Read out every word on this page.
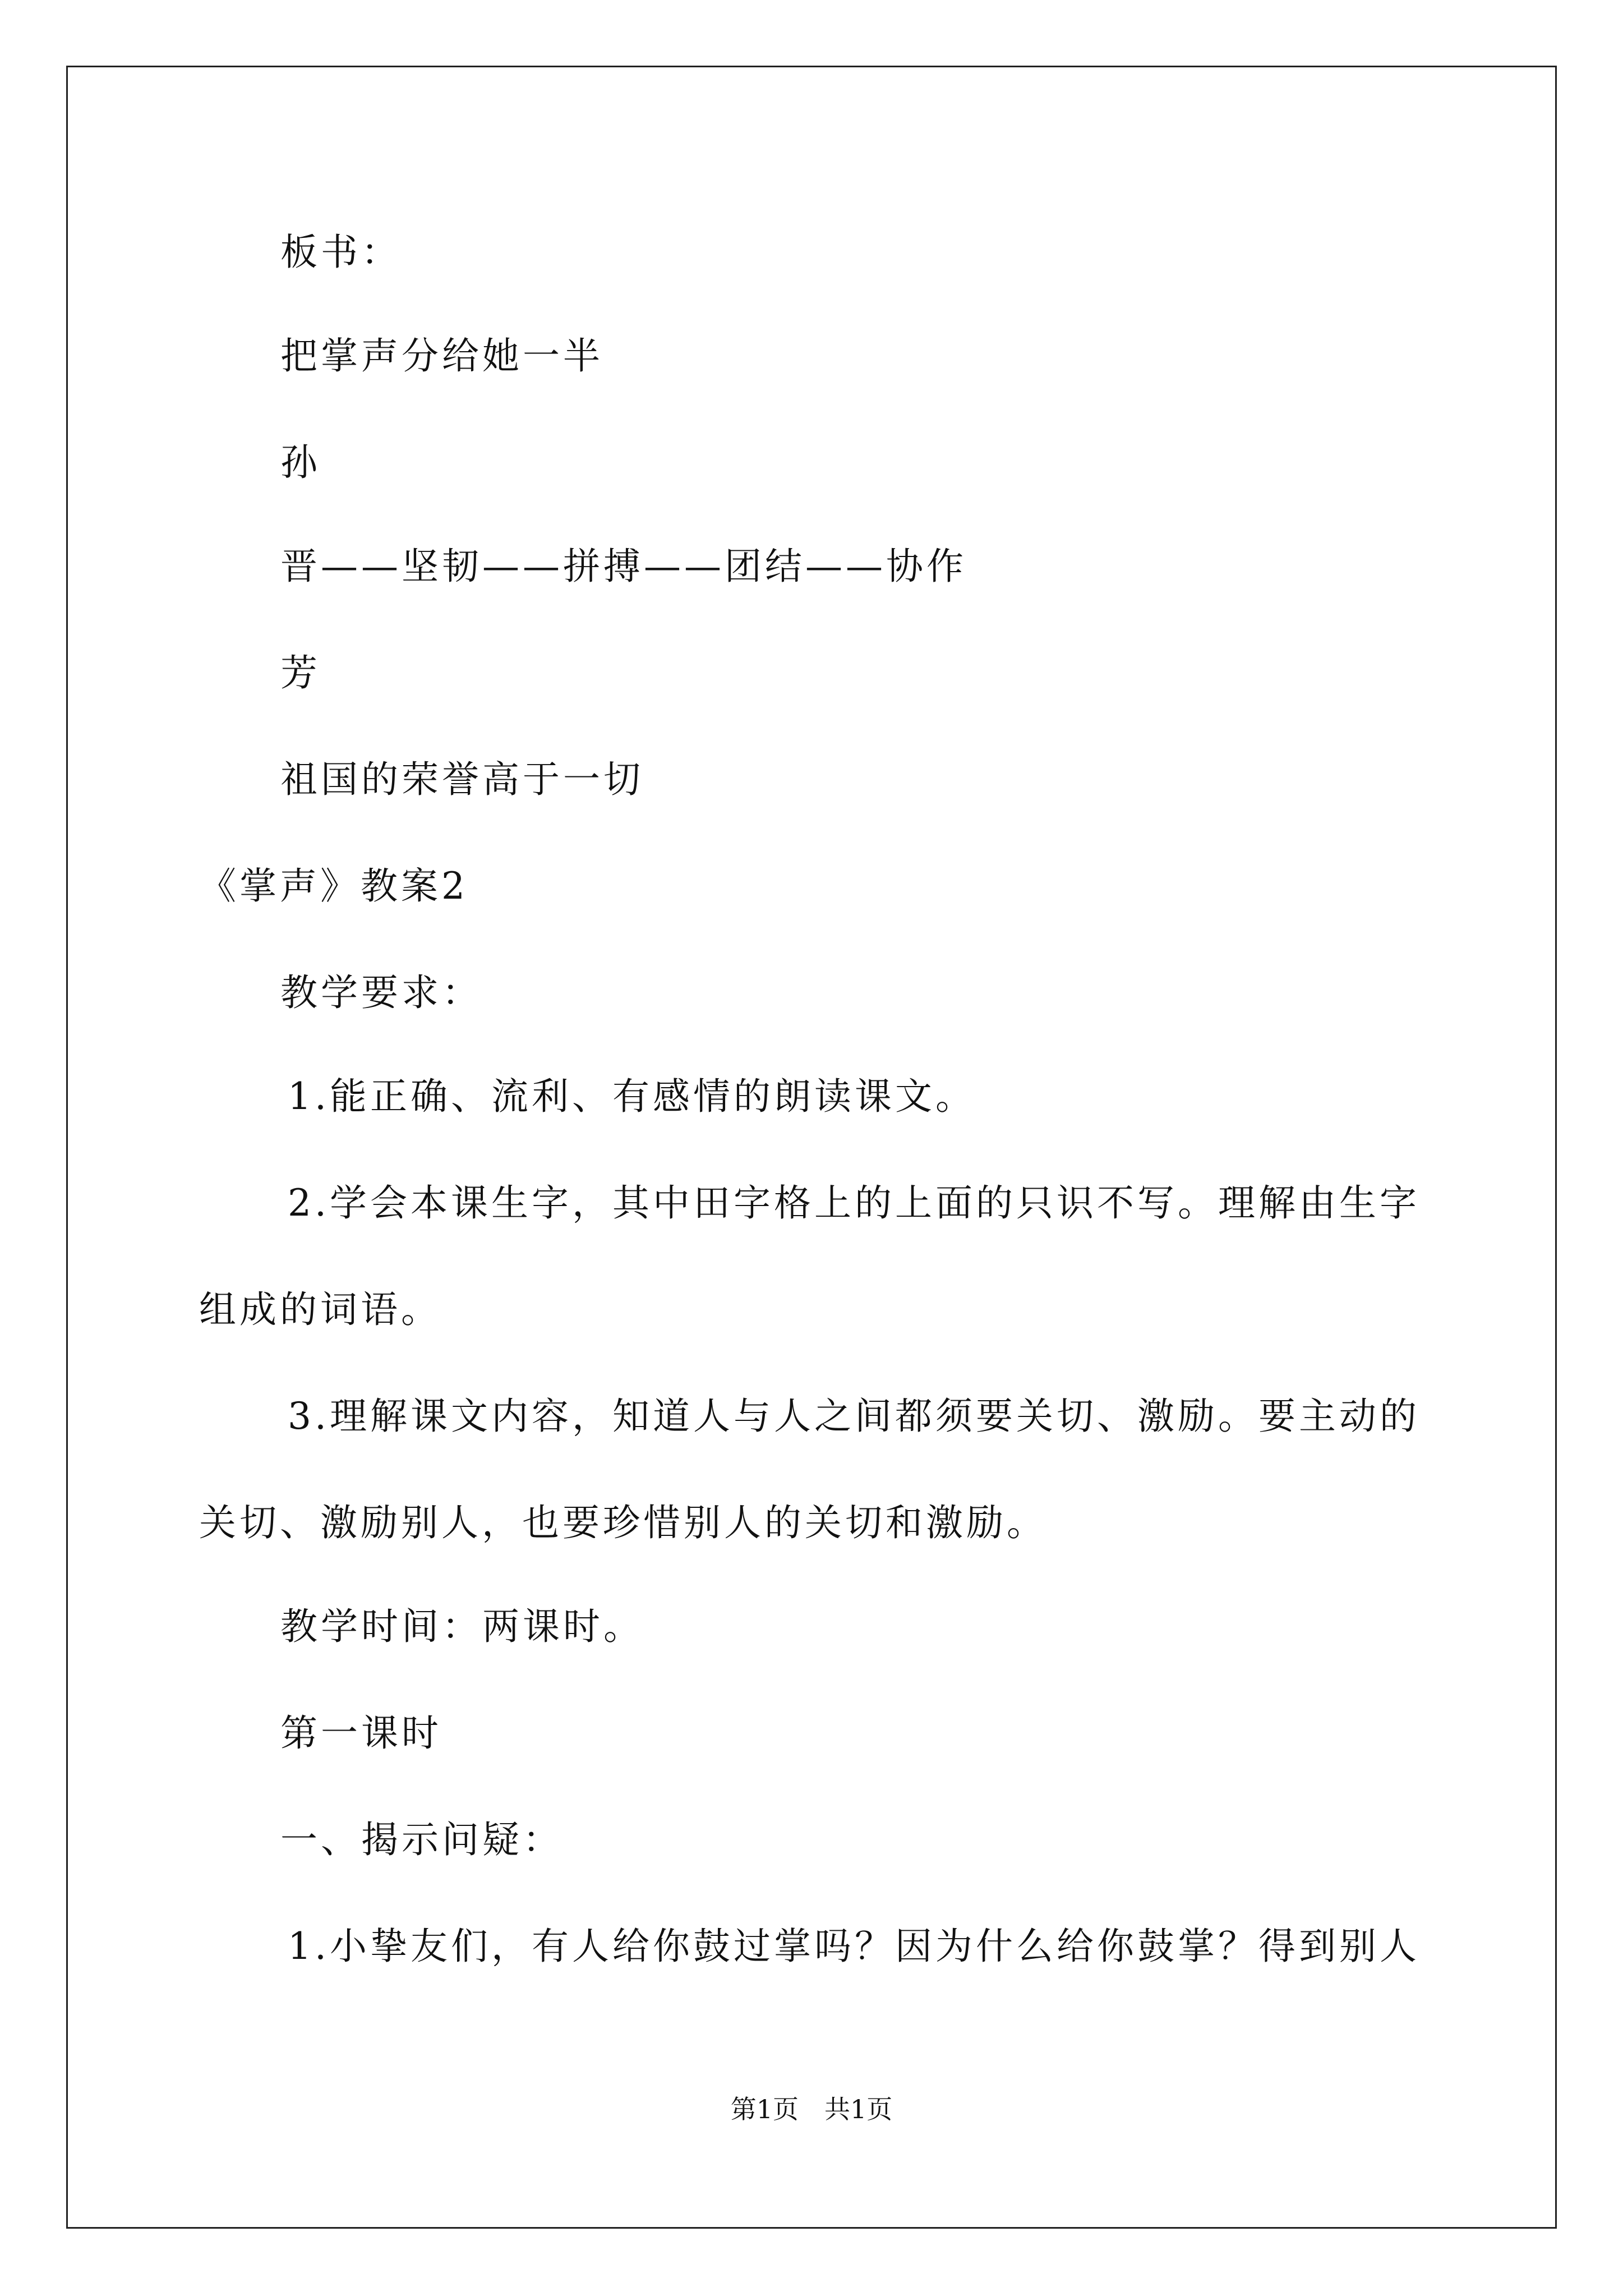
板书：
把掌声分给她一半
孙
晋——坚韧——拼搏——团结——协作
芳
祖国的荣誉高于一切
《掌声》教案2
教学要求：
1.能正确、流利、有感情的朗读课文。
2.学会本课生字，其中田字格上的上面的只识不写。理解由生字
组成的词语。
3.理解课文内容，知道人与人之间都须要关切、激励。要主动的
关切、激励别人，也要珍惜别人的关切和激励。
教学时间：两课时。
第一课时
一、揭示问疑：
1.小挚友们，有人给你鼓过掌吗？因为什么给你鼓掌？得到别人
第1页　共1页
